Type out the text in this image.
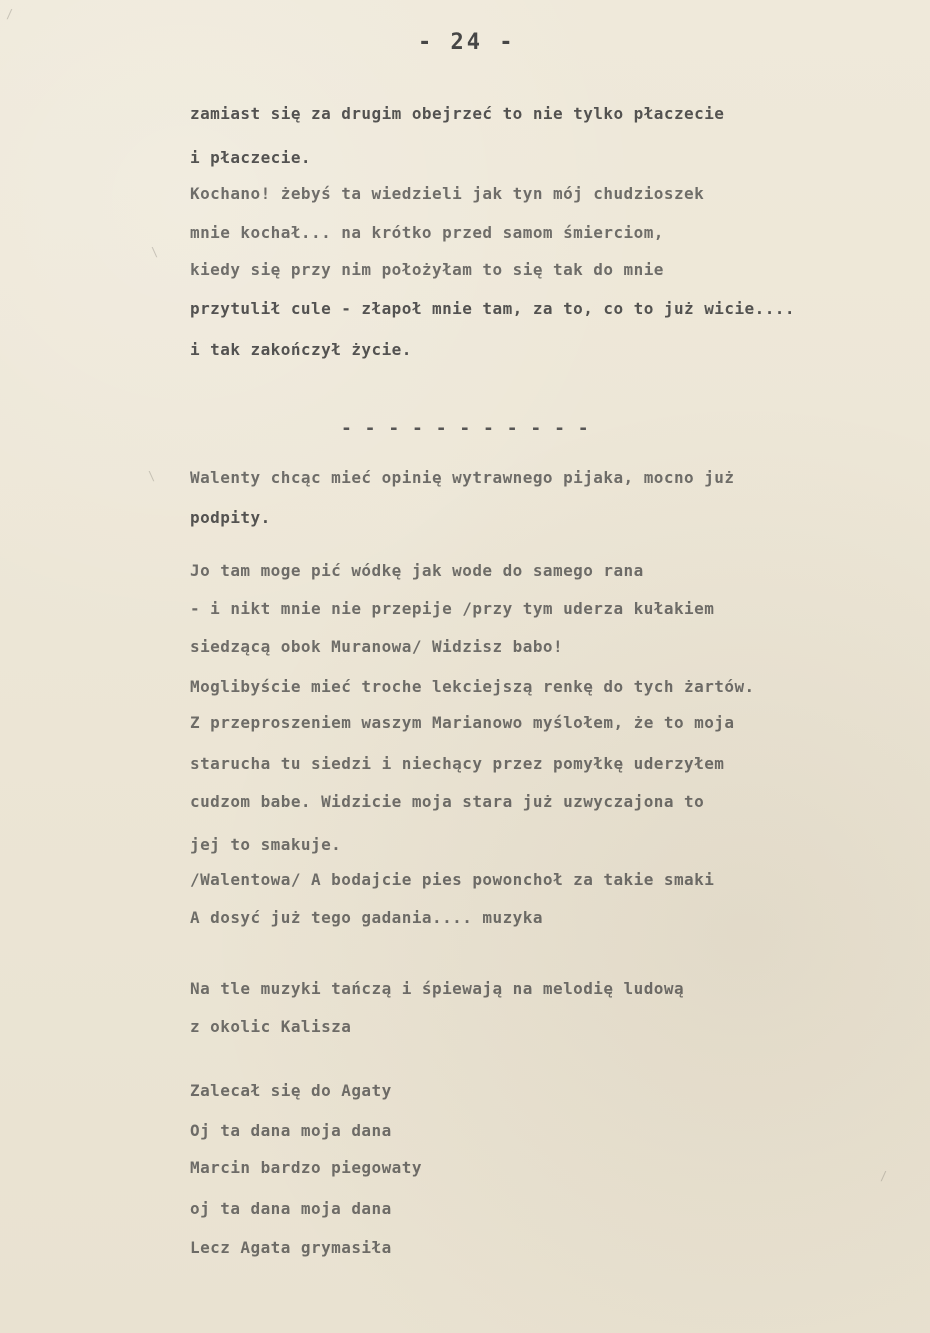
/
\
\
/
- 24 -
zamiast się za drugim obejrzeć to nie tylko płaczecie
i płaczecie.
Kochano! żebyś ta wiedzieli jak tyn mój chudzioszek
mnie kochał... na krótko przed samom śmierciom,
kiedy się przy nim położyłam to się tak do mnie
przytulił cule - złapoł mnie tam, za to, co to już wicie....
i tak zakończył życie.
- - - - - - - - - - -
Walenty chcąc mieć opinię wytrawnego pijaka, mocno już
podpity.
Jo tam moge pić wódkę jak wode do samego rana
- i nikt mnie nie przepije /przy tym uderza kułakiem
siedzącą obok Muranowa/ Widzisz babo!
Moglibyście mieć troche lekciejszą renkę do tych żartów.
Z przeproszeniem waszym Marianowo myślołem, że to moja
starucha tu siedzi i niechący przez pomyłkę uderzyłem
cudzom babe. Widzicie moja stara już uzwyczajona to
jej to smakuje.
/Walentowa/ A bodajcie pies powonchoł za takie smaki
A dosyć już tego gadania.... muzyka
Na tle muzyki tańczą i śpiewają na melodię ludową
z okolic Kalisza
Zalecał się do Agaty
Oj ta dana moja dana
Marcin bardzo piegowaty
oj ta dana moja dana
Lecz Agata grymasiła
